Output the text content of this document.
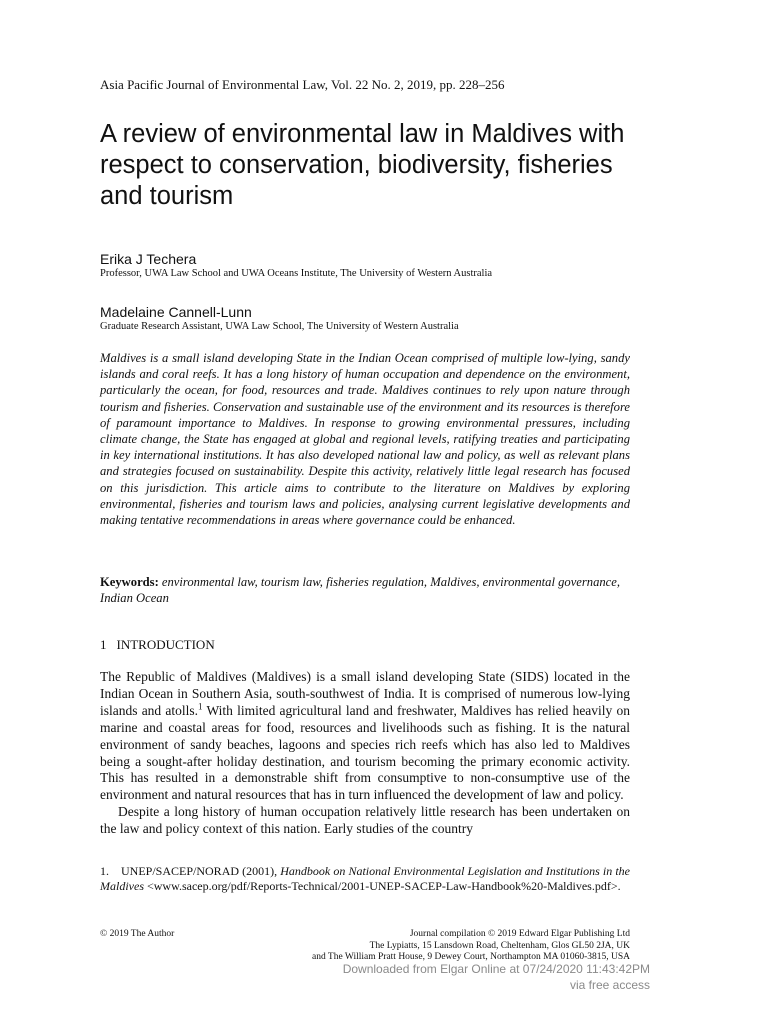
Asia Pacific Journal of Environmental Law, Vol. 22 No. 2, 2019, pp. 228–256
A review of environmental law in Maldives with respect to conservation, biodiversity, fisheries and tourism
Erika J Techera
Professor, UWA Law School and UWA Oceans Institute, The University of Western Australia
Madelaine Cannell-Lunn
Graduate Research Assistant, UWA Law School, The University of Western Australia

Maldives is a small island developing State in the Indian Ocean comprised of multiple low-lying, sandy islands and coral reefs. It has a long history of human occupation and dependence on the environment, particularly the ocean, for food, resources and trade. Maldives continues to rely upon nature through tourism and fisheries. Conservation and sustainable use of the environment and its resources is therefore of paramount importance to Maldives. In response to growing environmental pressures, including climate change, the State has engaged at global and regional levels, ratifying treaties and participating in key international institutions. It has also developed national law and policy, as well as relevant plans and strategies focused on sustainability. Despite this activity, relatively little legal research has focused on this jurisdiction. This article aims to contribute to the literature on Maldives by exploring environmental, fisheries and tourism laws and policies, analysing current legislative developments and making tentative recommendations in areas where governance could be enhanced.

Keywords: environmental law, tourism law, fisheries regulation, Maldives, environmental governance, Indian Ocean

1 INTRODUCTION

The Republic of Maldives (Maldives) is a small island developing State (SIDS) located in the Indian Ocean in Southern Asia, south-southwest of India. It is comprised of numerous low-lying islands and atolls.$^1$ With limited agricultural land and freshwater, Maldives has relied heavily on marine and coastal areas for food, resources and livelihoods such as fishing. It is the natural environment of sandy beaches, lagoons and species rich reefs which has also led to Maldives being a sought-after holiday destination, and tourism becoming the primary economic activity. This has resulted in a demonstrable shift from consumptive to non-consumptive use of the environment and natural resources that has in turn influenced the development of law and policy.

Despite a long history of human occupation relatively little research has been undertaken on the law and policy context of this nation. Early studies of the country

1. UNEP/SACEP/NORAD (2001), Handbook on National Environmental Legislation and Institutions in the Maldives <www.sacep.org/pdf/Reports-Technical/2001-UNEP-SACEP-Law-Handbook%20-Maldives.pdf>.

© 2019 The Author	Journal compilation © 2019 Edward Elgar Publishing Ltd
The Lypiatts, 15 Lansdown Road, Cheltenham, Glos GL50 2JA, UK
and The William Pratt House, 9 Dewey Court, Northampton MA 01060-3815, USA
Downloaded from Elgar Online at 07/24/2020 11:43:42PM
via free access
